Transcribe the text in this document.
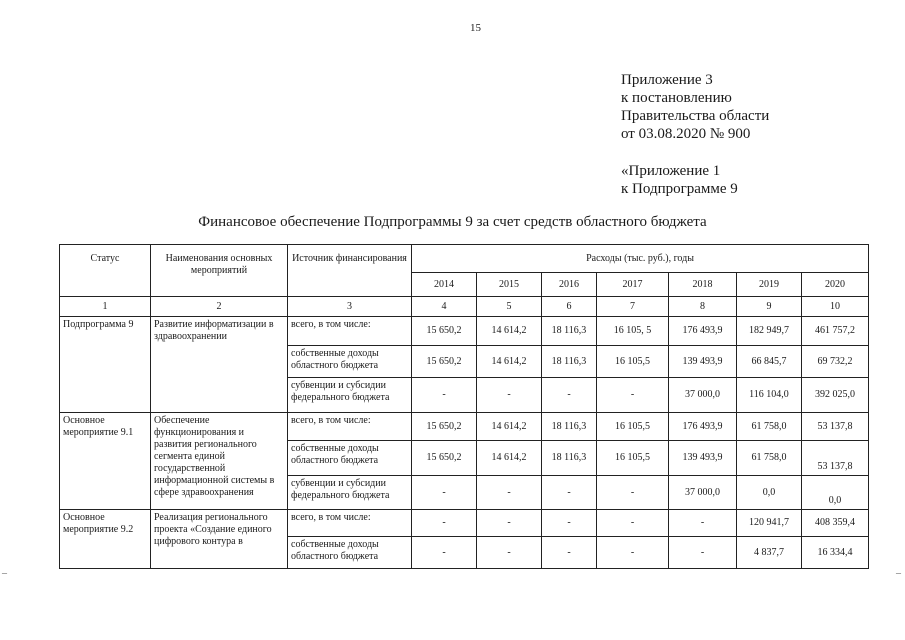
15
Приложение 3
к постановлению
Правительства области
от 03.08.2020 № 900
«Приложение 1
к Подпрограмме 9
Финансовое обеспечение Подпрограммы 9 за счет средств областного бюджета
–	–
Статус	Наименования основных мероприятий	Источник финансирования	Расходы (тыс. руб.), годы						
			2014	2015	2016	2017	2018	2019	2020
1	2	3	4	5	6	7	8	9	10
Подпрограмма 9	Развитие информатизации в здравоохранении	всего, в том числе:	15 650,2	14 614,2	18 116,3	16 105, 5	176 493,9	182 949,7	461 757,2
		собственные доходы областного бюджета	15 650,2	14 614,2	18 116,3	16 105,5	139 493,9	66 845,7	69 732,2
		субвенции и субсидии федерального бюджета	-	-	-	-	37 000,0	116 104,0	392 025,0
Основное мероприятие 9.1	Обеспечение функционирования и развития регионального сегмента единой государственной информационной системы в сфере здравоохранения	всего, в том числе:	15 650,2	14 614,2	18 116,3	16 105,5	176 493,9	61 758,0	53 137,8
		собственные доходы областного бюджета	15 650,2	14 614,2	18 116,3	16 105,5	139 493,9	61 758,0	53 137,8
		субвенции и субсидии федерального бюджета	-	-	-	-	37 000,0	0,0	0,0
Основное мероприятие 9.2	Реализация регионального проекта «Создание единого цифрового контура в	всего, в том числе:	-	-	-	-	-	120 941,7	408 359,4
		собственные доходы областного бюджета	-	-	-	-	-	4 837,7	16 334,4
